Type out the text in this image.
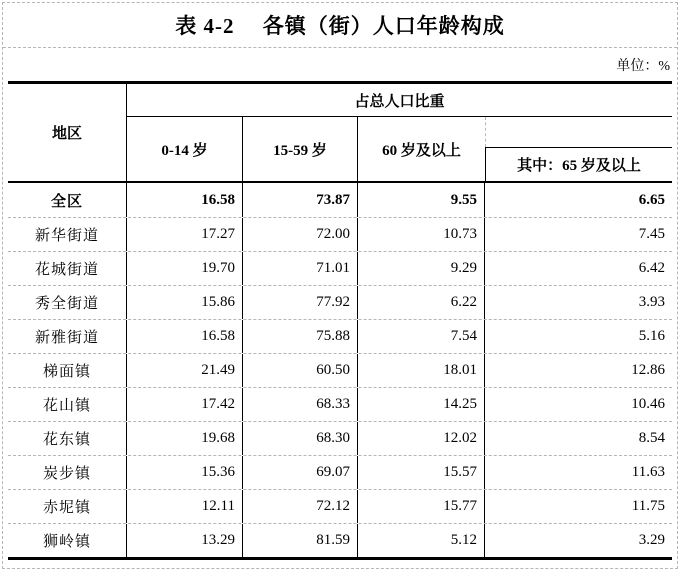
表 4-2　 各镇（街）人口年龄构成
单位：%
地区
占总人口比重
0-14 岁	15-59 岁	60 岁及以上
其中：65 岁及以上
全区	16.58	73.87	9.55	6.65
新华街道	17.27	72.00	10.73	7.45
花城街道	19.70	71.01	9.29	6.42
秀全街道	15.86	77.92	6.22	3.93
新雅街道	16.58	75.88	7.54	5.16
梯面镇	21.49	60.50	18.01	12.86
花山镇	17.42	68.33	14.25	10.46
花东镇	19.68	68.30	12.02	8.54
炭步镇	15.36	69.07	15.57	11.63
赤坭镇	12.11	72.12	15.77	11.75
狮岭镇	13.29	81.59	5.12	3.29
